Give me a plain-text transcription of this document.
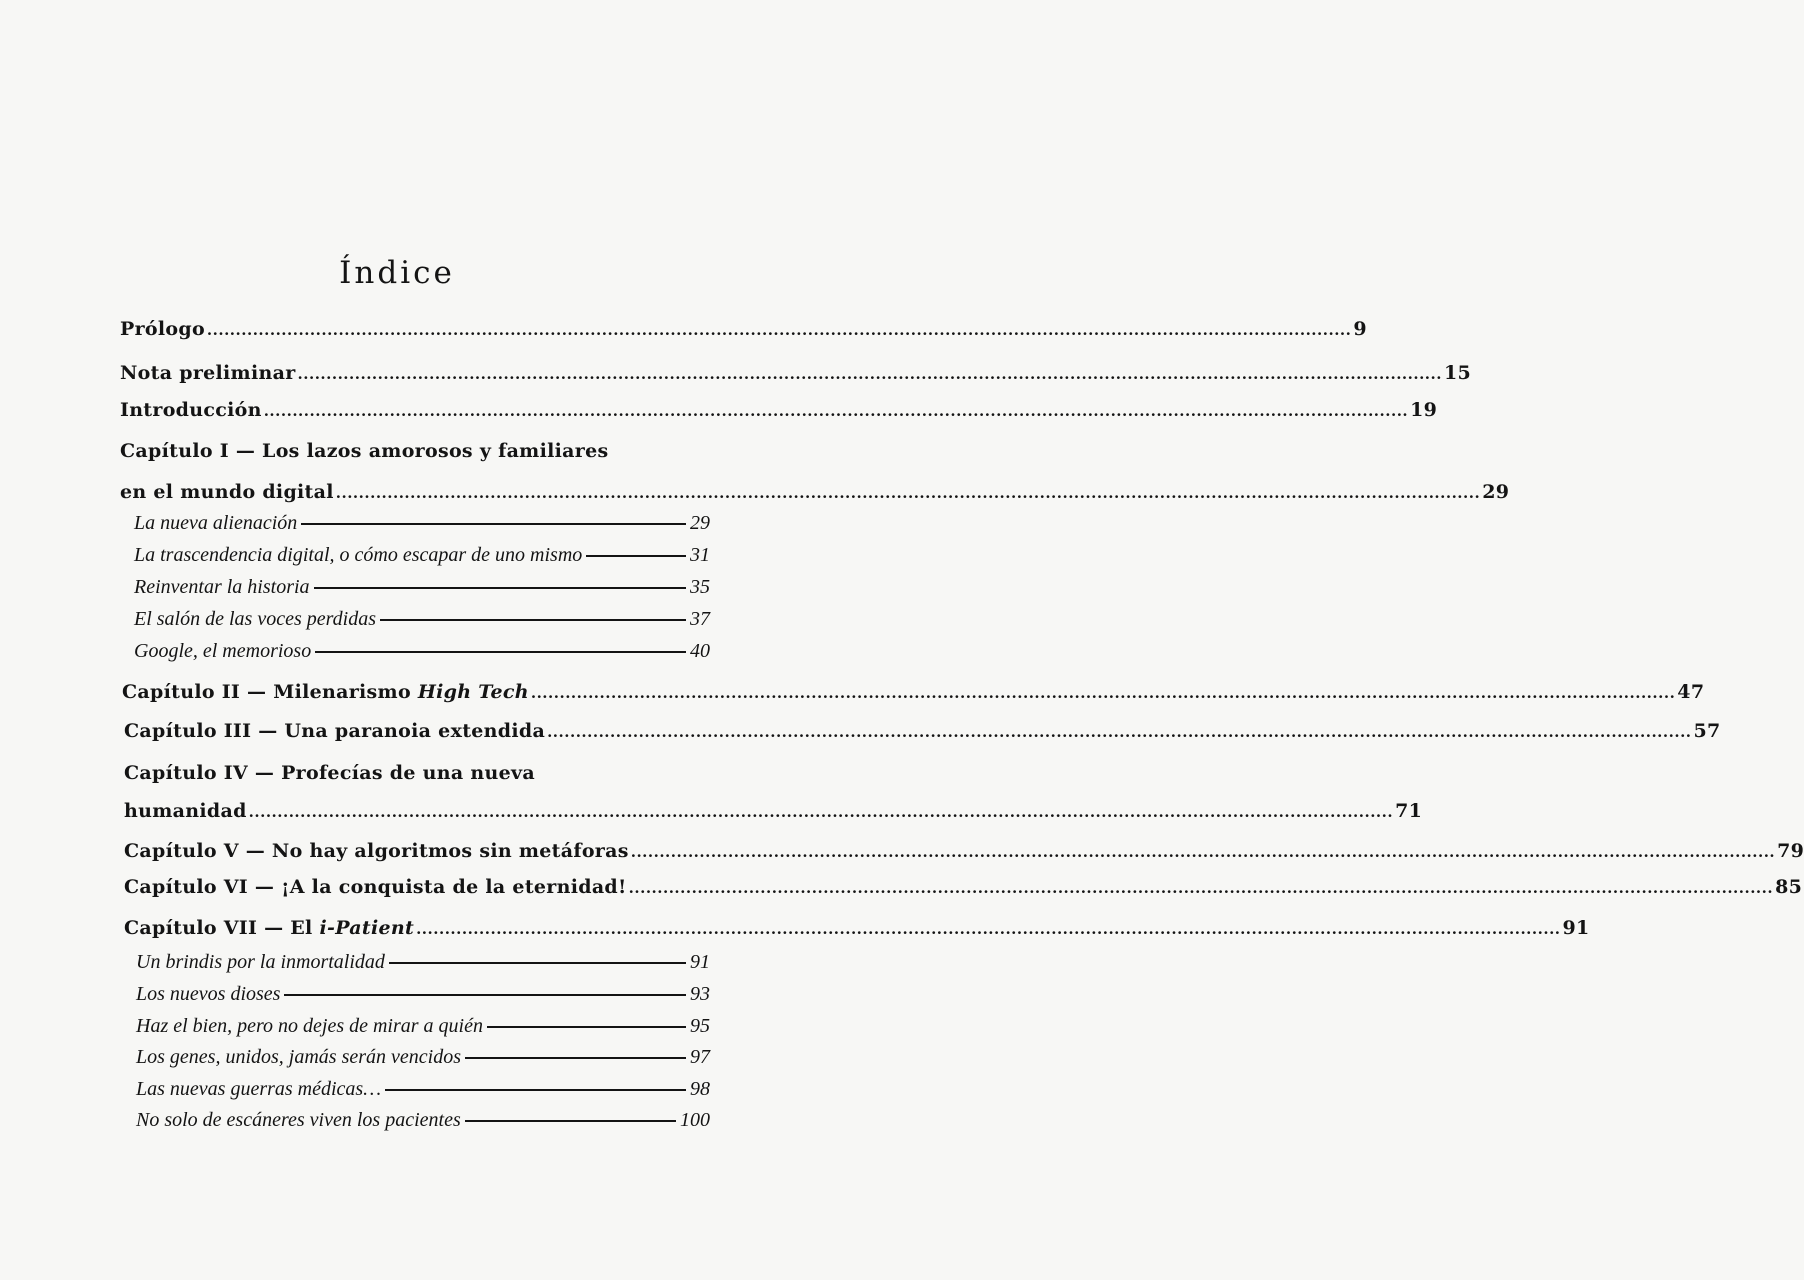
Índice
Prólogo ........................................................................................................................................................................................................ 9
Nota preliminar ........................................................................................................................................................................................................ 15
Introducción ........................................................................................................................................................................................................ 19
Capítulo I — Los lazos amorosos y familiares
en el mundo digital ........................................................................................................................................................................................................ 29
La nueva alienación	29
La trascendencia digital, o cómo escapar de uno mismo	31
Reinventar la historia	35
El salón de las voces perdidas	37
Google, el memorioso	40
Capítulo II — Milenarismo High Tech ........................................................................................................................................................................................................ 47
Capítulo III — Una paranoia extendida ........................................................................................................................................................................................................ 57
Capítulo IV — Profecías de una nueva
humanidad ........................................................................................................................................................................................................ 71
Capítulo V — No hay algoritmos sin metáforas ........................................................................................................................................................................................................ 79
Capítulo VI — ¡A la conquista de la eternidad! ........................................................................................................................................................................................................ 85
Capítulo VII — El i-Patient ........................................................................................................................................................................................................ 91
Un brindis por la inmortalidad	91
Los nuevos dioses	93
Haz el bien, pero no dejes de mirar a quién	95
Los genes, unidos, jamás serán vencidos	97
Las nuevas guerras médicas…	98
No solo de escáneres viven los pacientes	100
